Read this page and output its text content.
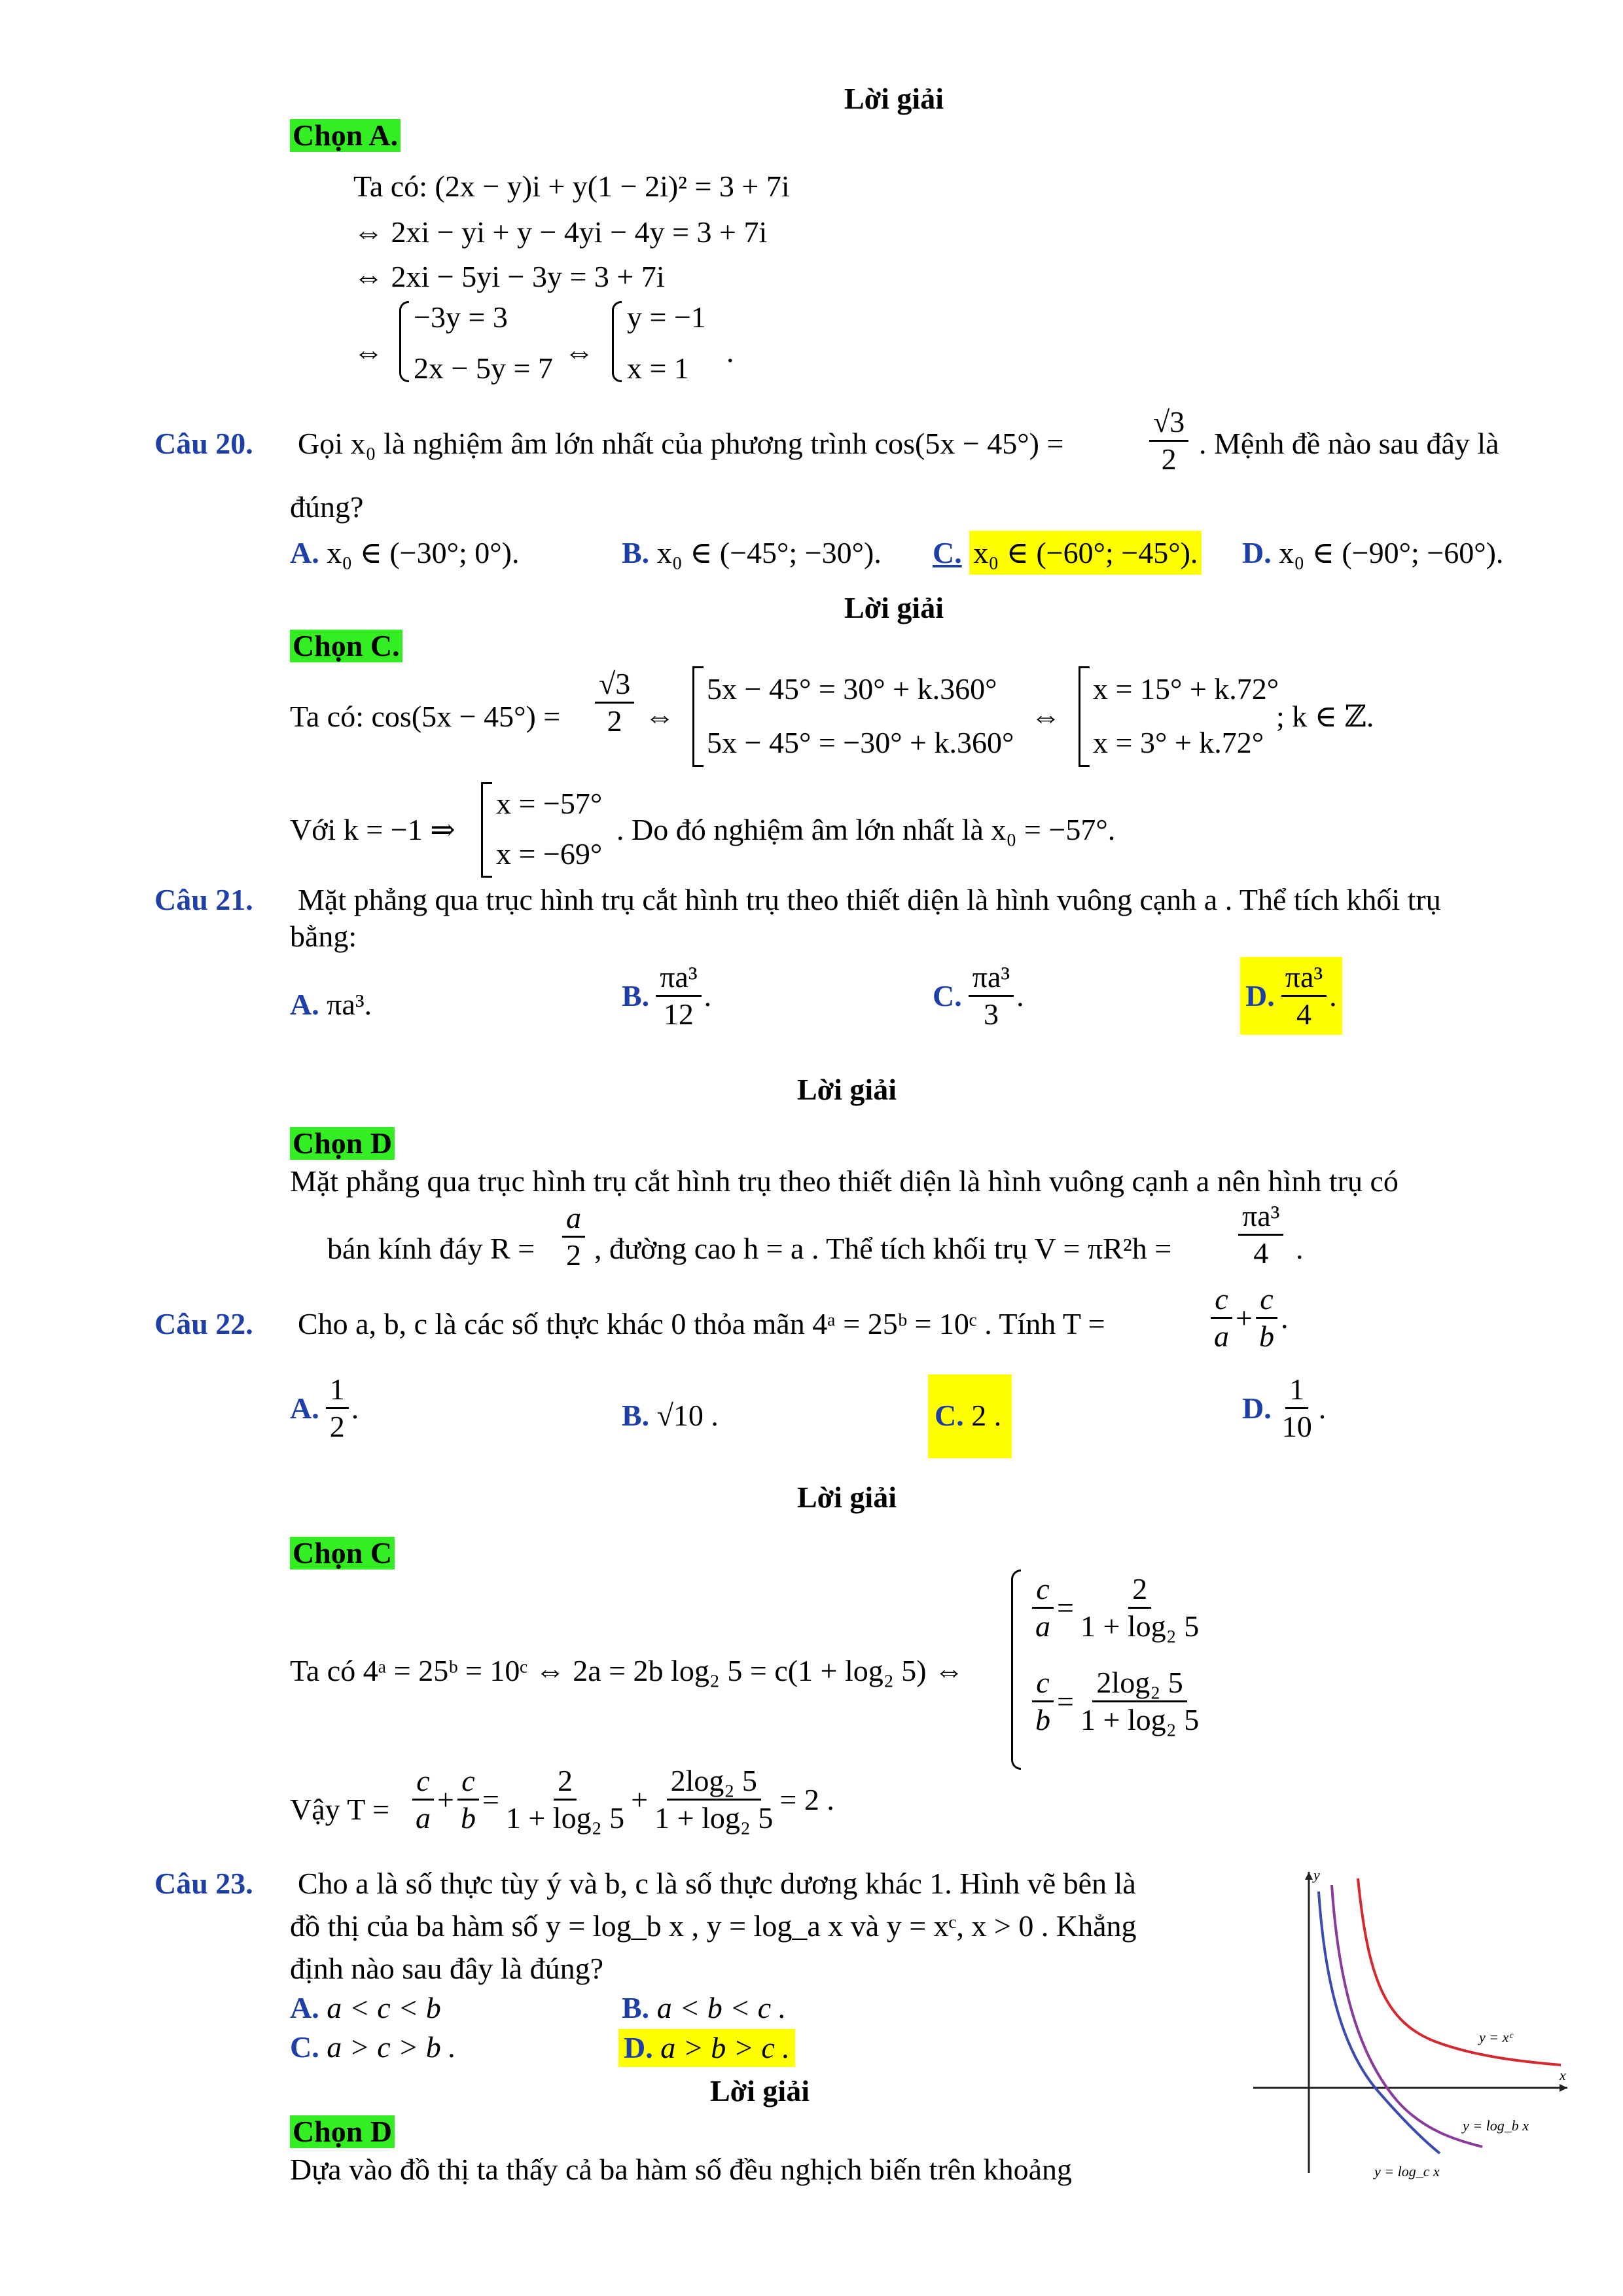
Lời giải
Chọn A.
Ta có: (2x − y)i + y(1 − 2i)² = 3 + 7i
⇔ 2xi − yi + y − 4yi − 4y = 3 + 7i
⇔ 2xi − 5yi − 3y = 3 + 7i
⇔
−3y = 3
2x − 5y = 7 ⇔
y = −1
x = 1 .
Câu 20. Gọi x₀ là nghiệm âm lớn nhất của phương trình cos(5x − 45°) =	$\frac{√3}{2}$ . Mệnh đề nào sau đây là
đúng?
A. x₀ ∈ (−30°; 0°).	B. x₀ ∈ (−45°; −30°). C. x₀ ∈ (−60°; −45°). D. x₀ ∈ (−90°; −60°).
Lời giải
Chọn C.
Ta có: $\cos(5x - 45^\circ) = \frac{√3}{2}$ ⇔
5x − 45° = 30° + k.360°
5x − 45° = −30° + k.360°
⇔
x = 15° + k.72°
x = 3° + k.72°
; k ∈ ℤ.
Với k = −1 ⇒
x = −57°
x = −69°
. Do đó nghiệm âm lớn nhất là x₀ = −57°.
Câu 21. Mặt phẳng qua trục hình trụ cắt hình trụ theo thiết diện là hình vuông cạnh a . Thể tích khối trụ
bằng:
A. πa³.	B. $\frac{\text{πa³}}{12}$ .	C. $\frac{\text{πa³}}{3}$ .	D. $\frac{\text{πa³}}{4}$ .
Lời giải
Chọn D
Mặt phẳng qua trục hình trụ cắt hình trụ theo thiết diện là hình vuông cạnh a nên hình trụ có
bán kính đáy $R = \frac{a}{2}$ , đường cao h = a . Thể tích khối trụ $V = \pi R^2h = \frac{\text{πa³}}{4}$ .
Câu 22. Cho a, b, c là các số thực khác 0 thỏa mãn 4ᵃ = 25ᵇ = 10ᶜ . Tính T =	$\frac{c}{a} + \frac{c}{b}$ .
A. $\frac{1}{2}$ .	B. √10 .	C. 2 .	D. $\frac{1}{10}$ .
Lời giải
Chọn C
Ta có 4ᵃ = 25ᵇ = 10ᶜ ⇔ 2a = 2b log₂ 5 = c(1 + log₂ 5) ⇔
$\frac{c}{a} = \frac{2}{\text{1 + log₂ 5}}$
$\frac{c}{b} = \frac{\text{2log₂ 5}}{\text{1 + log₂ 5}}$
Vậy $T = \frac{c}{a} + \frac{c}{b} = \frac{2}{\text{1 + log₂ 5}} + \frac{\text{2log₂ 5}}{\text{1 + log₂ 5}} = 2$ .
Câu 23. Cho a là số thực tùy ý và b, c là số thực dương khác 1. Hình vẽ bên là
đồ thị của ba hàm số y = log_b x , y = log_a x và y = xᶜ, x > 0 . Khẳng
định nào sau đây là đúng?
A. a < c < b	B. a < b < c .
C. a > c > b .	D. a > b > c .
Lời giải
Chọn D
Dựa vào đồ thị ta thấy cả ba hàm số đều nghịch biến trên khoảng
x
y
y = xᶜ
y = log_b x
y = log_c x
